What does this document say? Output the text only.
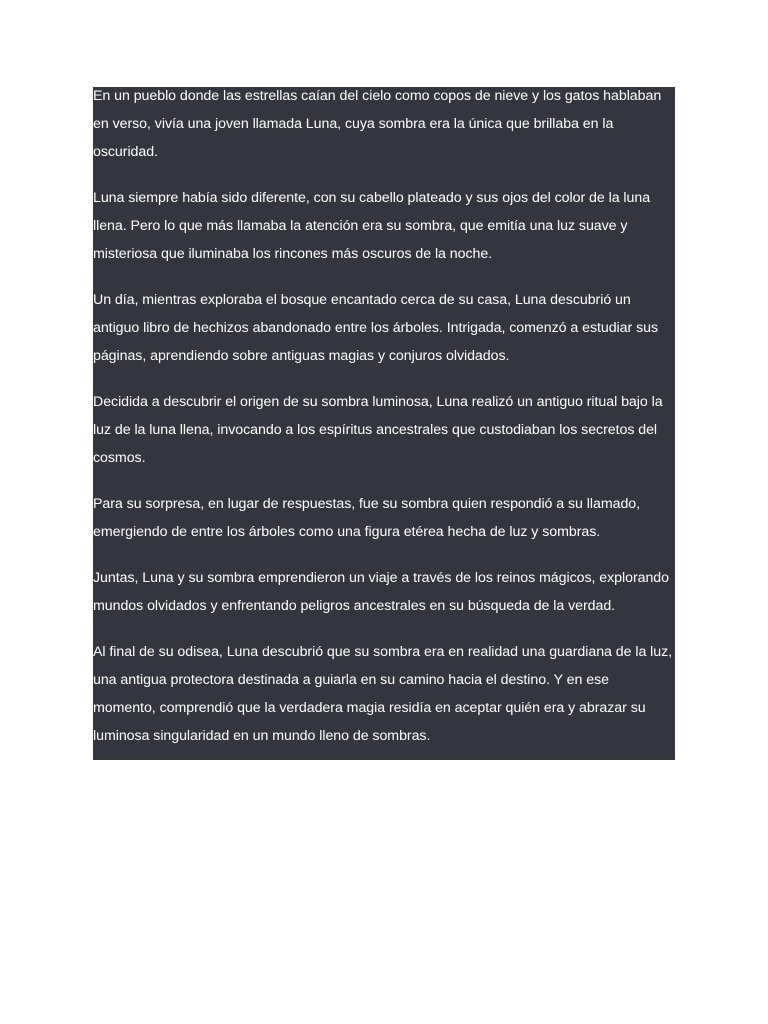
En un pueblo donde las estrellas caían del cielo como copos de nieve y los gatos hablaban en verso, vivía una joven llamada Luna, cuya sombra era la única que brillaba en la oscuridad.

Luna siempre había sido diferente, con su cabello plateado y sus ojos del color de la luna llena. Pero lo que más llamaba la atención era su sombra, que emitía una luz suave y misteriosa que iluminaba los rincones más oscuros de la noche.

Un día, mientras exploraba el bosque encantado cerca de su casa, Luna descubrió un antiguo libro de hechizos abandonado entre los árboles. Intrigada, comenzó a estudiar sus páginas, aprendiendo sobre antiguas magias y conjuros olvidados.

Decidida a descubrir el origen de su sombra luminosa, Luna realizó un antiguo ritual bajo la luz de la luna llena, invocando a los espíritus ancestrales que custodiaban los secretos del cosmos.

Para su sorpresa, en lugar de respuestas, fue su sombra quien respondió a su llamado, emergiendo de entre los árboles como una figura etérea hecha de luz y sombras.

Juntas, Luna y su sombra emprendieron un viaje a través de los reinos mágicos, explorando mundos olvidados y enfrentando peligros ancestrales en su búsqueda de la verdad.

Al final de su odisea, Luna descubrió que su sombra era en realidad una guardiana de la luz, una antigua protectora destinada a guiarla en su camino hacia el destino. Y en ese momento, comprendió que la verdadera magia residía en aceptar quién era y abrazar su luminosa singularidad en un mundo lleno de sombras.
